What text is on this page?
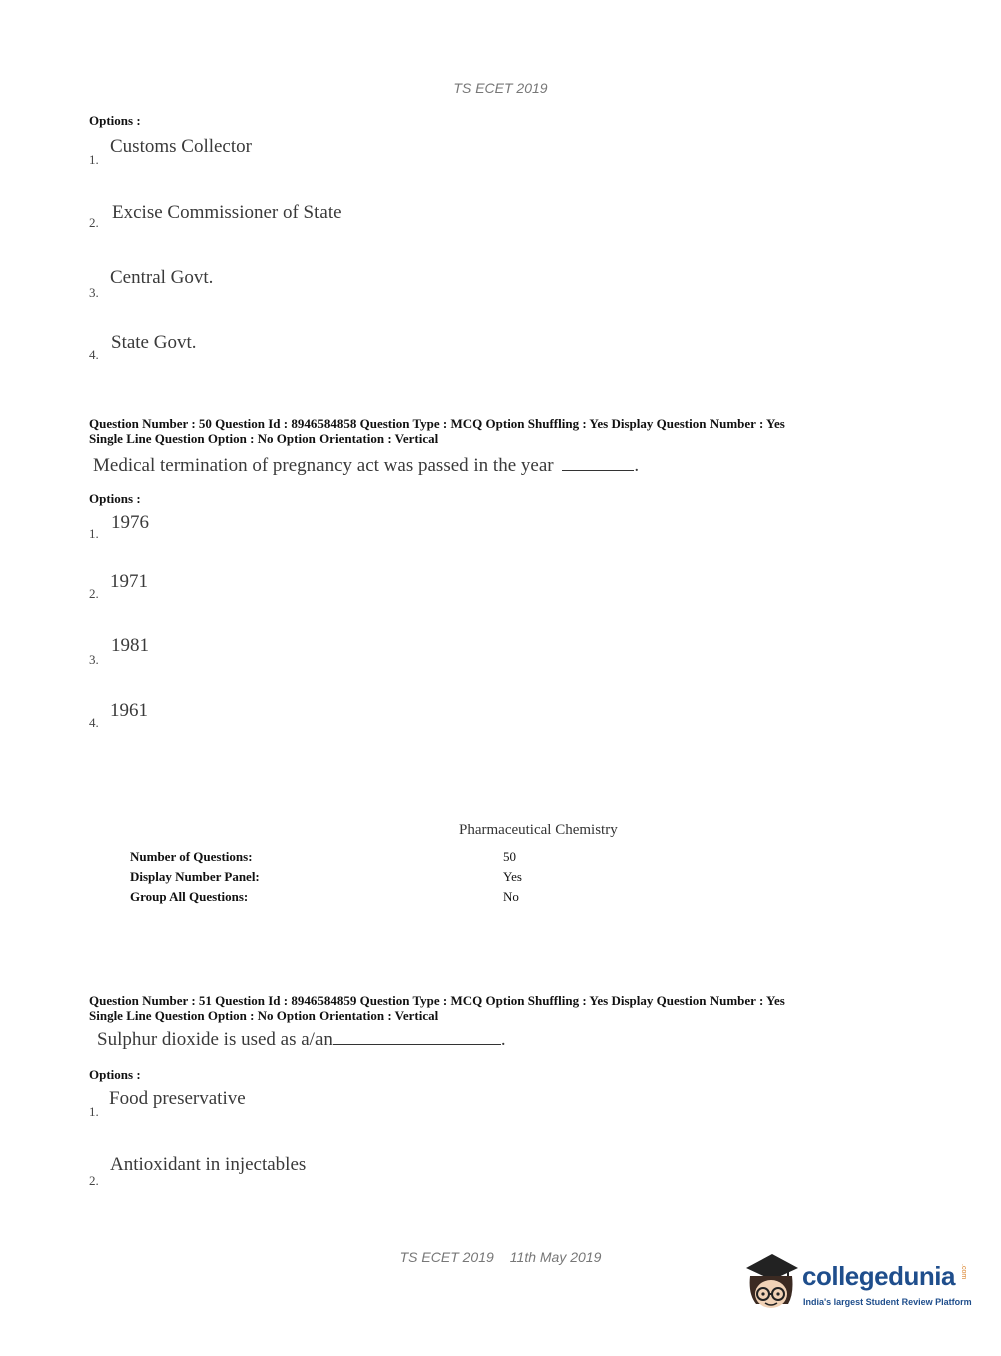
TS ECET 2019
Options :
1.
Customs Collector
2. Excise Commissioner of State
3.
Central Govt.
4.
State Govt.
Question Number : 50 Question Id : 8946584858 Question Type : MCQ Option Shuffling : Yes Display Question Number : Yes
Single Line Question Option : No Option Orientation : Vertical
Medical termination of pregnancy act was passed in the year	.
Options :
1.
1976
2.
1971
3.
1981
4.
1961
Pharmaceutical Chemistry
Number of Questions:	50
Display Number Panel:	Yes
Group All Questions:	No
Question Number : 51 Question Id : 8946584859 Question Type : MCQ Option Shuffling : Yes Display Question Number : Yes
Single Line Question Option : No Option Orientation : Vertical
Sulphur dioxide is used as a/an	.
Options :
1.
Food preservative
2.
Antioxidant in injectables
TS ECET 2019 11th May 2019
collegedunia .com
India's largest Student Review Platform
